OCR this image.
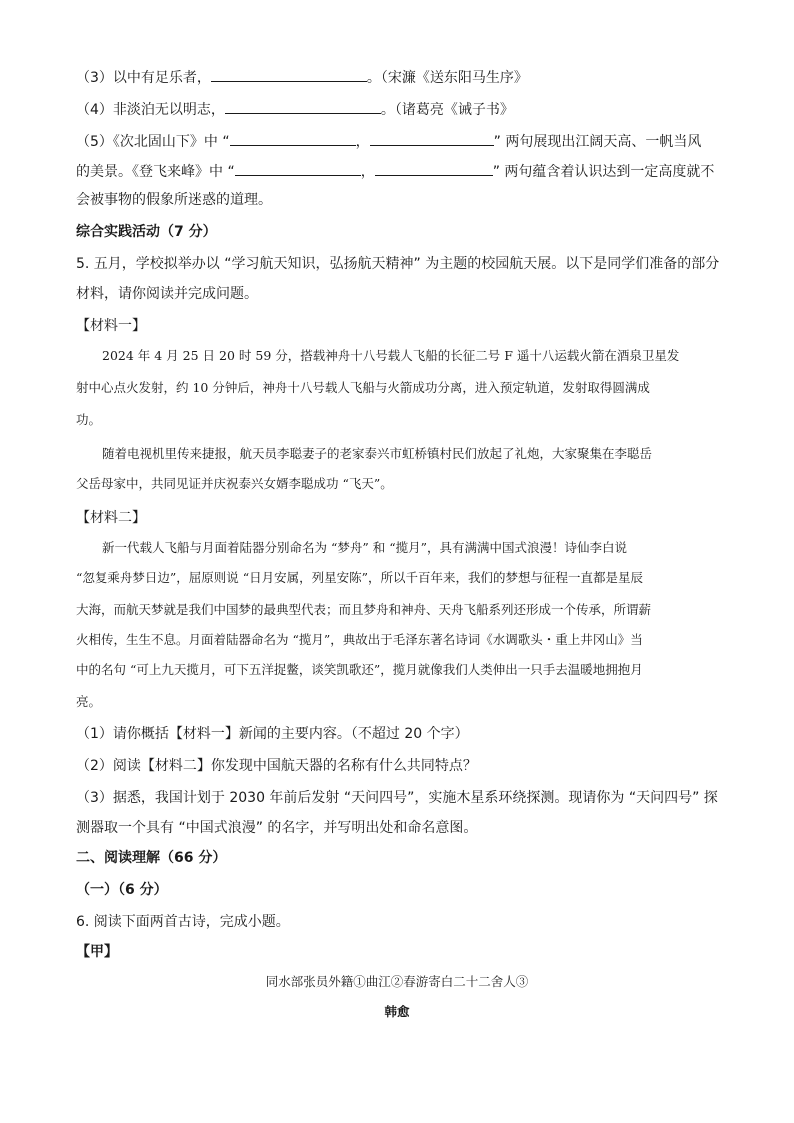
（3）以中有足乐者，	。（宋濂《送东阳马生序》
（4）非淡泊无以明志，	。（诸葛亮《诫子书》
（5）《次北固山下》中 “	，	” 两句展现出江阔天高、一帆当风
的美景。《登飞来峰》中 “	，	” 两句蕴含着认识达到一定高度就不
会被事物的假象所迷惑的道理。
综合实践活动（7 分）
5. 五月，学校拟举办以 “学习航天知识，弘扬航天精神” 为主题的校园航天展。以下是同学们准备的部分
材料，请你阅读并完成问题。
【材料一】
2024 年 4 月 25 日 20 时 59 分，搭载神舟十八号载人飞船的长征二号 F 遥十八运载火箭在酒泉卫星发
射中心点火发射，约 10 分钟后，神舟十八号载人飞船与火箭成功分离，进入预定轨道，发射取得圆满成
功。
随着电视机里传来捷报，航天员李聪妻子的老家泰兴市虹桥镇村民们放起了礼炮，大家聚集在李聪岳
父岳母家中，共同见证并庆祝泰兴女婿李聪成功 “飞天”。
【材料二】
新一代载人飞船与月面着陆器分别命名为 “梦舟” 和 “揽月”，具有满满中国式浪漫！诗仙李白说
“忽复乘舟梦日边”，屈原则说 “日月安属，列星安陈”，所以千百年来，我们的梦想与征程一直都是星辰
大海，而航天梦就是我们中国梦的最典型代表；而且梦舟和神舟、天舟飞船系列还形成一个传承，所谓薪
火相传，生生不息。月面着陆器命名为 “揽月”，典故出于毛泽东著名诗词《水调歌头・重上井冈山》当
中的名句 “可上九天揽月，可下五洋捉鳖，谈笑凯歌还”，揽月就像我们人类伸出一只手去温暖地拥抱月
亮。
（1）请你概括【材料一】新闻的主要内容。（不超过 20 个字）
（2）阅读【材料二】你发现中国航天器的名称有什么共同特点？
（3）据悉，我国计划于 2030 年前后发射 “天问四号”，实施木星系环绕探测。现请你为 “天问四号” 探
测器取一个具有 “中国式浪漫” 的名字，并写明出处和命名意图。
二、阅读理解（66 分）
（一）（6 分）
6. 阅读下面两首古诗，完成小题。
【甲】
同水部张员外籍①曲江②春游寄白二十二舍人③
韩愈
